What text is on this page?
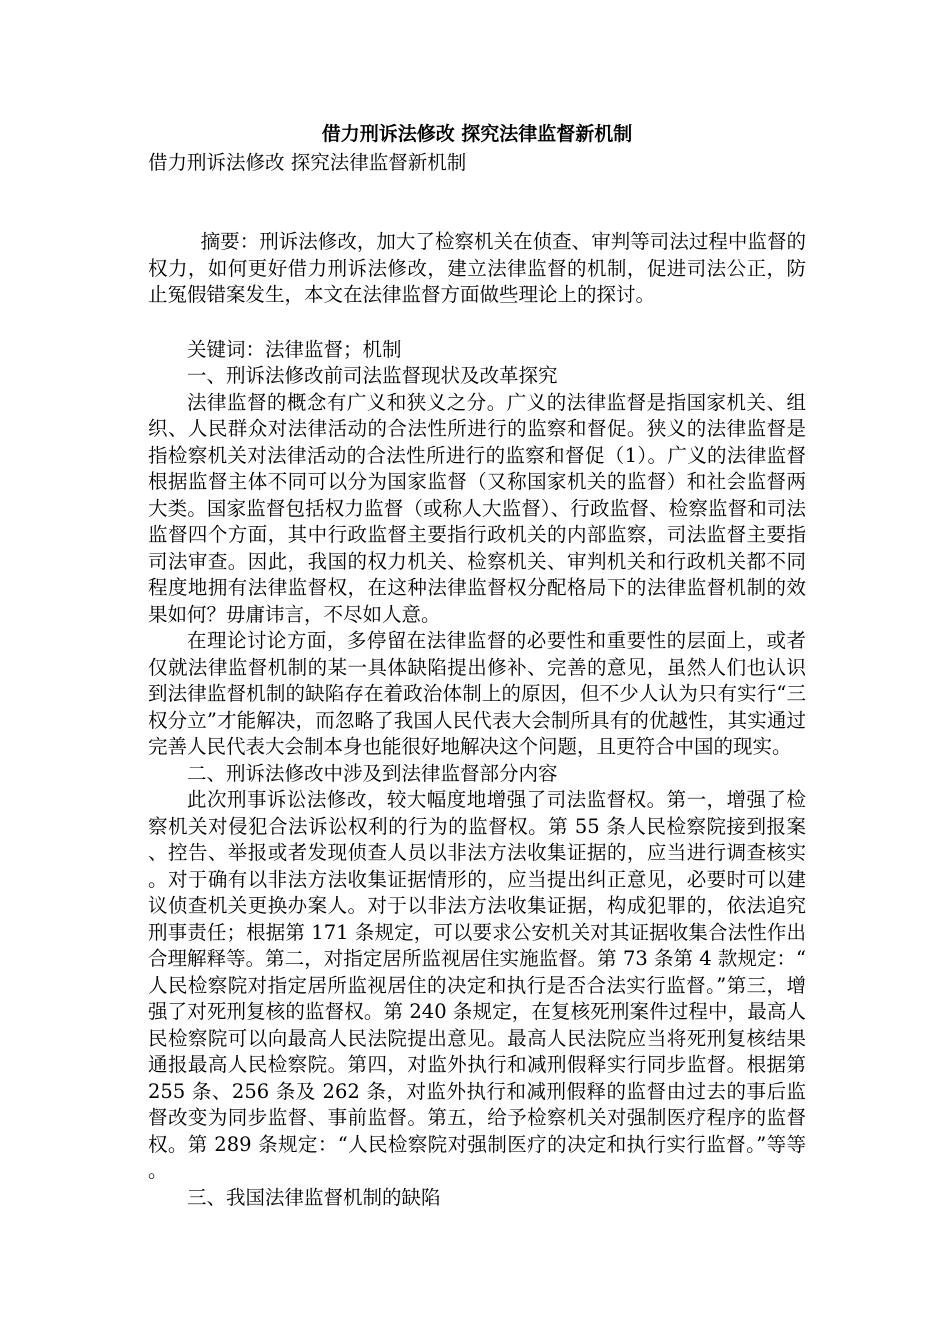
借力刑诉法修改 探究法律监督新机制
借力刑诉法修改 探究法律监督新机制

摘要：刑诉法修改，加大了检察机关在侦查、审判等司法过程中监督的权力，如何更好借力刑诉法修改，建立法律监督的机制，促进司法公正，防止冤假错案发生，本文在法律监督方面做些理论上的探讨。

关键词：法律监督；机制

一、刑诉法修改前司法监督现状及改革探究

法律监督的概念有广义和狭义之分。广义的法律监督是指国家机关、组织、人民群众对法律活动的合法性所进行的监察和督促。狭义的法律监督是指检察机关对法律活动的合法性所进行的监察和督促（1）。广义的法律监督根据监督主体不同可以分为国家监督（又称国家机关的监督）和社会监督两大类。国家监督包括权力监督（或称人大监督）、行政监督、检察监督和司法监督四个方面，其中行政监督主要指行政机关的内部监察，司法监督主要指司法审查。因此，我国的权力机关、检察机关、审判机关和行政机关都不同程度地拥有法律监督权，在这种法律监督权分配格局下的法律监督机制的效果如何？毋庸讳言，不尽如人意。

在理论讨论方面，多停留在法律监督的必要性和重要性的层面上，或者仅就法律监督机制的某一具体缺陷提出修补、完善的意见，虽然人们也认识到法律监督机制的缺陷存在着政治体制上的原因，但不少人认为只有实行“三权分立”才能解决，而忽略了我国人民代表大会制所具有的优越性，其实通过完善人民代表大会制本身也能很好地解决这个问题，且更符合中国的现实。

二、刑诉法修改中涉及到法律监督部分内容

此次刑事诉讼法修改，较大幅度地增强了司法监督权。第一，增强了检察机关对侵犯合法诉讼权利的行为的监督权。第 55 条人民检察院接到报案、控告、举报或者发现侦查人员以非法方法收集证据的，应当进行调查核实。对于确有以非法方法收集证据情形的，应当提出纠正意见，必要时可以建议侦查机关更换办案人。对于以非法方法收集证据，构成犯罪的，依法追究刑事责任；根据第 171 条规定，可以要求公安机关对其证据收集合法性作出合理解释等。第二，对指定居所监视居住实施监督。第 73 条第 4 款规定：“人民检察院对指定居所监视居住的决定和执行是否合法实行监督。”第三，增强了对死刑复核的监督权。第 240 条规定，在复核死刑案件过程中，最高人民检察院可以向最高人民法院提出意见。最高人民法院应当将死刑复核结果通报最高人民检察院。第四，对监外执行和减刑假释实行同步监督。根据第 255 条、256 条及 262 条，对监外执行和减刑假释的监督由过去的事后监督改变为同步监督、事前监督。第五，给予检察机关对强制医疗程序的监督权。第 289 条规定：“人民检察院对强制医疗的决定和执行实行监督。”等等。

三、我国法律监督机制的缺陷
